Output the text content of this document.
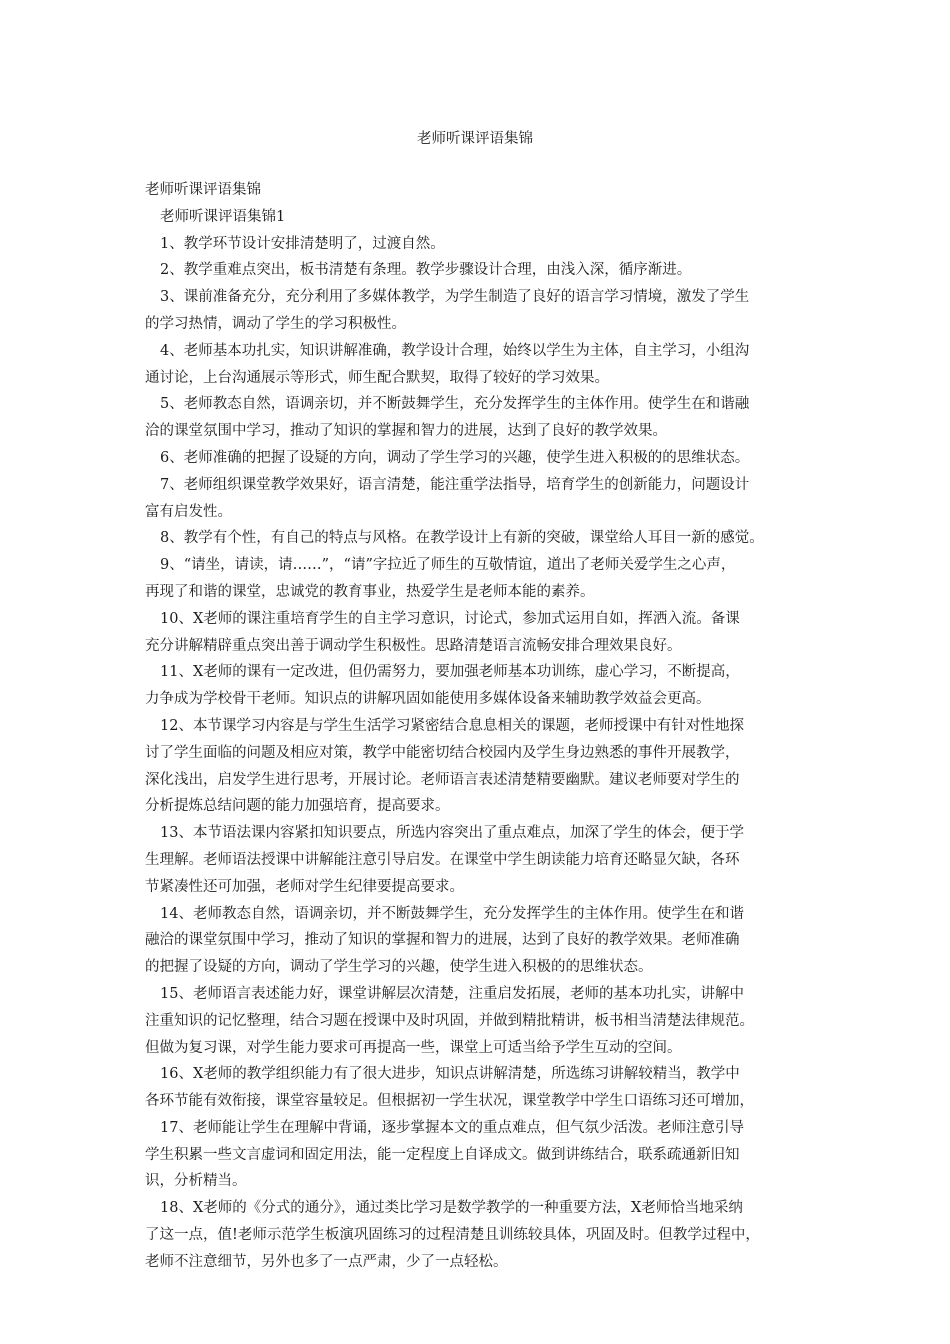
老师听课评语集锦
老师听课评语集锦
老师听课评语集锦1
1、教学环节设计安排清楚明了，过渡自然。
2、教学重难点突出，板书清楚有条理。教学步骤设计合理，由浅入深，循序渐进。
3、课前准备充分，充分利用了多媒体教学，为学生制造了良好的语言学习情境，激发了学生
的学习热情，调动了学生的学习积极性。
4、老师基本功扎实，知识讲解准确，教学设计合理，始终以学生为主体，自主学习，小组沟
通讨论，上台沟通展示等形式，师生配合默契，取得了较好的学习效果。
5、老师教态自然，语调亲切，并不断鼓舞学生，充分发挥学生的主体作用。使学生在和谐融
洽的课堂氛围中学习，推动了知识的掌握和智力的进展，达到了良好的教学效果。
6、老师准确的把握了设疑的方向，调动了学生学习的兴趣，使学生进入积极的的思维状态。
7、老师组织课堂教学效果好，语言清楚，能注重学法指导，培育学生的创新能力，问题设计
富有启发性。
8、教学有个性，有自己的特点与风格。在教学设计上有新的突破，课堂给人耳目一新的感觉。
9、“请坐，请读，请……”，“请”字拉近了师生的互敬情谊，道出了老师关爱学生之心声，
再现了和谐的课堂，忠诚党的教育事业，热爱学生是老师本能的素养。
10、X老师的课注重培育学生的自主学习意识，讨论式，参加式运用自如，挥洒入流。备课
充分讲解精辟重点突出善于调动学生积极性。思路清楚语言流畅安排合理效果良好。
11、X老师的课有一定改进，但仍需努力，要加强老师基本功训练，虚心学习，不断提高，
力争成为学校骨干老师。知识点的讲解巩固如能使用多媒体设备来辅助教学效益会更高。
12、本节课学习内容是与学生生活学习紧密结合息息相关的课题，老师授课中有针对性地探
讨了学生面临的问题及相应对策，教学中能密切结合校园内及学生身边熟悉的事件开展教学，
深化浅出，启发学生进行思考，开展讨论。老师语言表述清楚精要幽默。建议老师要对学生的
分析提炼总结问题的能力加强培育，提高要求。
13、本节语法课内容紧扣知识要点，所选内容突出了重点难点，加深了学生的体会，便于学
生理解。老师语法授课中讲解能注意引导启发。在课堂中学生朗读能力培育还略显欠缺，各环
节紧凑性还可加强，老师对学生纪律要提高要求。
14、老师教态自然，语调亲切，并不断鼓舞学生，充分发挥学生的主体作用。使学生在和谐
融洽的课堂氛围中学习，推动了知识的掌握和智力的进展，达到了良好的教学效果。老师准确
的把握了设疑的方向，调动了学生学习的兴趣，使学生进入积极的的思维状态。
15、老师语言表述能力好，课堂讲解层次清楚，注重启发拓展，老师的基本功扎实，讲解中
注重知识的记忆整理，结合习题在授课中及时巩固，并做到精批精讲，板书相当清楚法律规范。
但做为复习课，对学生能力要求可再提高一些，课堂上可适当给予学生互动的空间。
16、X老师的教学组织能力有了很大进步，知识点讲解清楚，所选练习讲解较精当，教学中
各环节能有效衔接，课堂容量较足。但根据初一学生状况，课堂教学中学生口语练习还可增加，
17、老师能让学生在理解中背诵，逐步掌握本文的重点难点，但气氛少活泼。老师注意引导
学生积累一些文言虚词和固定用法，能一定程度上自译成文。做到讲练结合，联系疏通新旧知
识，分析精当。
18、X老师的《分式的通分》，通过类比学习是数学教学的一种重要方法，X老师恰当地采纳
了这一点，值!老师示范学生板演巩固练习的过程清楚且训练较具体，巩固及时。但教学过程中，
老师不注意细节，另外也多了一点严肃，少了一点轻松。
